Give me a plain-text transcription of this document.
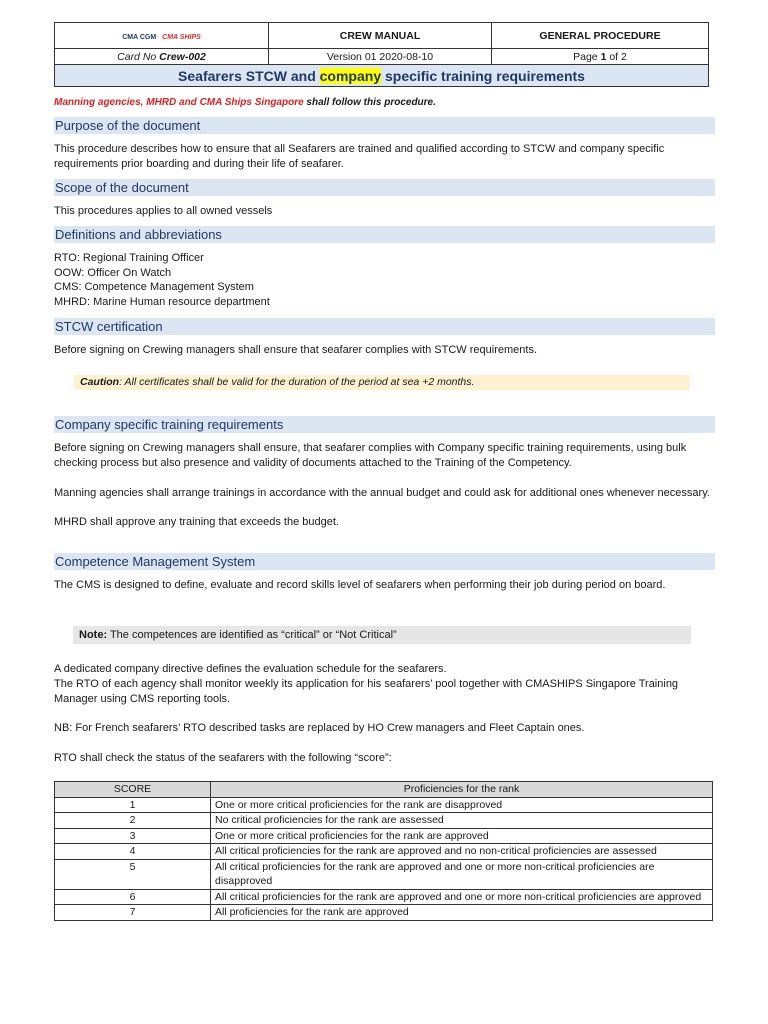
CMA CGM CMA SHIPS	CREW MANUAL	GENERAL PROCEDURE
Card No Crew-002	Version 01 2020-08-10	Page 1 of 2
Seafarers STCW and company specific training requirements		
Manning agencies, MHRD and CMA Ships Singapore shall follow this procedure.
Purpose of the document
This procedure describes how to ensure that all Seafarers are trained and qualified according to STCW and company specific requirements prior boarding and during their life of seafarer.
Scope of the document
This procedures applies to all owned vessels
Definitions and abbreviations

RTO: Regional Training Officer

OOW: Officer On Watch

CMS: Competence Management System

MHRD: Marine Human resource department

STCW certification
Before signing on Crewing managers shall ensure that seafarer complies with STCW requirements.
Caution: All certificates shall be valid for the duration of the period at sea +2 months.
Company specific training requirements
Before signing on Crewing managers shall ensure, that seafarer complies with Company specific training requirements, using bulk checking process but also presence and validity of documents attached to the Training of the Competency.
Manning agencies shall arrange trainings in accordance with the annual budget and could ask for additional ones whenever necessary.
MHRD shall approve any training that exceeds the budget.
Competence Management System
The CMS is designed to define, evaluate and record skills level of seafarers when performing their job during period on board.
Note: The competences are identified as “critical” or “Not Critical”
A dedicated company directive defines the evaluation schedule for the seafarers.
The RTO of each agency shall monitor weekly its application for his seafarers’ pool together with CMASHIPS Singapore Training Manager using CMS reporting tools.
NB: For French seafarers’ RTO described tasks are replaced by HO Crew managers and Fleet Captain ones.
RTO shall check the status of the seafarers with the following “score”:
SCORE	Proficiencies for the rank
1	One or more critical proficiencies for the rank are disapproved
2	No critical proficiencies for the rank are assessed
3	One or more critical proficiencies for the rank are approved
4	All critical proficiencies for the rank are approved and no non-critical proficiencies are assessed
5	All critical proficiencies for the rank are approved and one or more non-critical proficiencies are disapproved
6	All critical proficiencies for the rank are approved and one or more non-critical proficiencies are approved
7	All proficiencies for the rank are approved
